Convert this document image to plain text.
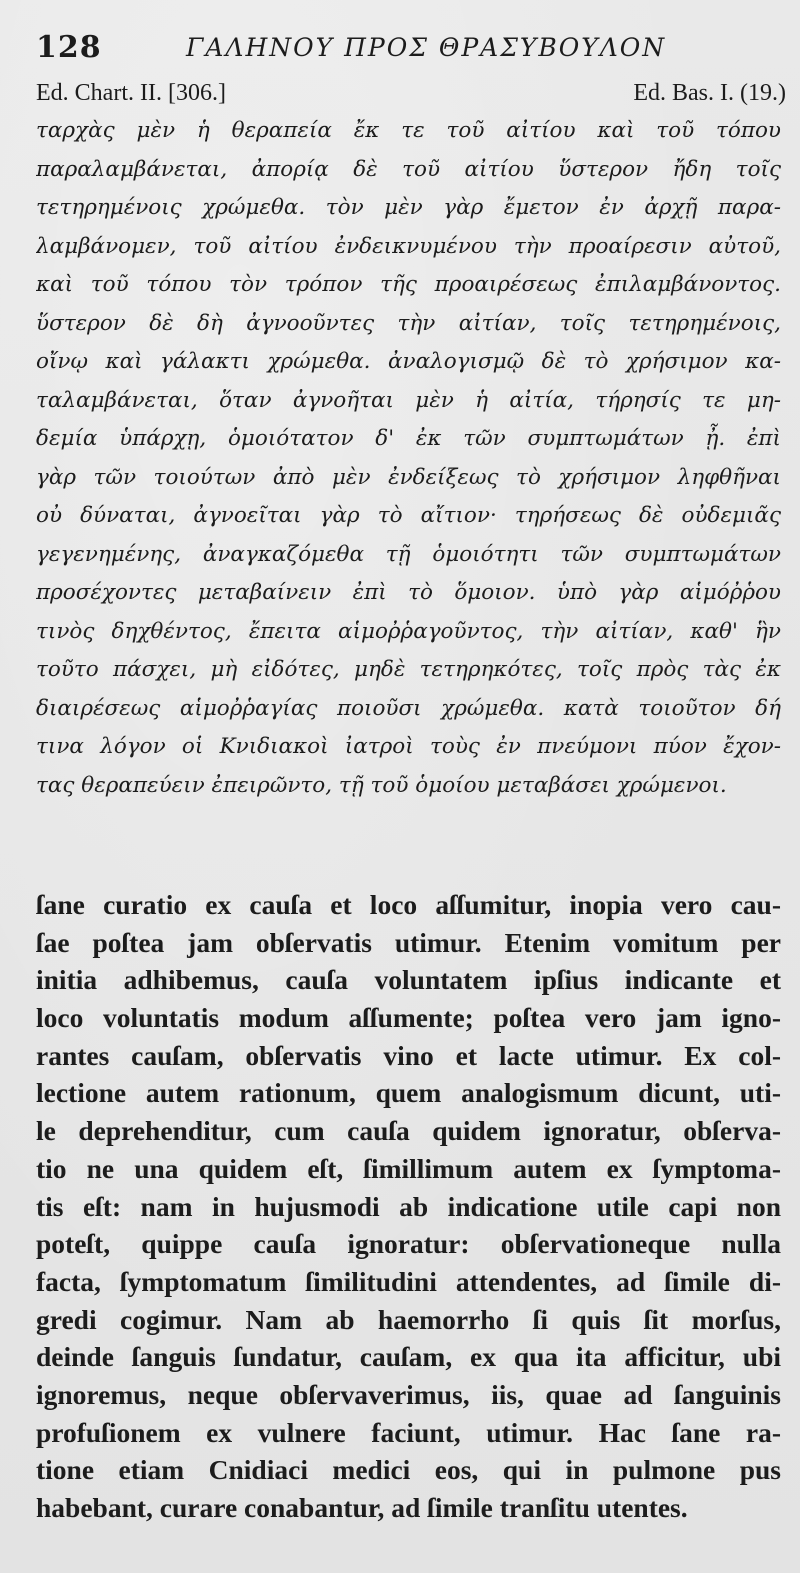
128	ΓΑΛΗΝΟΥ ΠΡΟΣ ΘΡΑΣΥΒΟΥΛΟΝ
Ed. Chart. II. [306.]	Ed. Bas. I. (19.)
ταρχὰς μὲν ἡ θεραπεία ἔκ τε τοῦ αἰτίου καὶ τοῦ τόπου
παραλαμβάνεται, ἀπορίᾳ δὲ τοῦ αἰτίου ὕστερον ἤδη τοῖς
τετηρημένοις χρώμεθα. τὸν μὲν γὰρ ἔμετον ἐν ἀρχῇ παρα-
λαμβάνομεν, τοῦ αἰτίου ἐνδεικνυμένου τὴν προαίρεσιν αὐτοῦ,
καὶ τοῦ τόπου τὸν τρόπον τῆς προαιρέσεως ἐπιλαμβάνοντος.
ὕστερον δὲ δὴ ἀγνοοῦντες τὴν αἰτίαν, τοῖς τετηρημένοις,
οἴνῳ καὶ γάλακτι χρώμεθα. ἀναλογισμῷ δὲ τὸ χρήσιμον κα-
ταλαμβάνεται, ὅταν ἀγνοῆται μὲν ἡ αἰτία, τήρησίς τε μη-
δεμία ὑπάρχῃ, ὁμοιότατον δ' ἐκ τῶν συμπτωμάτων ᾖ. ἐπὶ
γὰρ τῶν τοιούτων ἀπὸ μὲν ἐνδείξεως τὸ χρήσιμον ληφθῆναι
οὐ δύναται, ἀγνοεῖται γὰρ τὸ αἴτιον· τηρήσεως δὲ οὐδεμιᾶς
γεγενημένης, ἀναγκαζόμεθα τῇ ὁμοιότητι τῶν συμπτωμάτων
προσέχοντες μεταβαίνειν ἐπὶ τὸ ὅμοιον. ὑπὸ γὰρ αἱμόῤῥου
τινὸς δηχθέντος, ἔπειτα αἱμοῤῥαγοῦντος, τὴν αἰτίαν, καθ' ἣν
τοῦτο πάσχει, μὴ εἰδότες, μηδὲ τετηρηκότες, τοῖς πρὸς τὰς ἐκ
διαιρέσεως αἱμοῤῥαγίας ποιοῦσι χρώμεθα. κατὰ τοιοῦτον δή
τινα λόγον οἱ Κνιδιακοὶ ἰατροὶ τοὺς ἐν πνεύμονι πύον ἔχον-
τας θεραπεύειν ἐπειρῶντο, τῇ τοῦ ὁμοίου μεταβάσει χρώμενοι.
ſane curatio ex cauſa et loco aſſumitur, inopia vero cau-
ſae poſtea jam obſervatis utimur. Etenim vomitum per
initia adhibemus, cauſa voluntatem ipſius indicante et
loco voluntatis modum aſſumente; poſtea vero jam igno-
rantes cauſam, obſervatis vino et lacte utimur. Ex col-
lectione autem rationum, quem analogismum dicunt, uti-
le deprehenditur, cum cauſa quidem ignoratur, obſerva-
tio ne una quidem eſt, ſimillimum autem ex ſymptoma-
tis eſt: nam in hujusmodi ab indicatione utile capi non
poteſt, quippe cauſa ignoratur: obſervationeque nulla
facta, ſymptomatum ſimilitudini attendentes, ad ſimile di-
gredi cogimur. Nam ab haemorrho ſi quis ſit morſus,
deinde ſanguis ſundatur, cauſam, ex qua ita afficitur, ubi
ignoremus, neque obſervaverimus, iis, quae ad ſanguinis
profuſionem ex vulnere faciunt, utimur. Hac ſane ra-
tione etiam Cnidiaci medici eos, qui in pulmone pus
habebant, curare conabantur, ad ſimile tranſitu utentes.
